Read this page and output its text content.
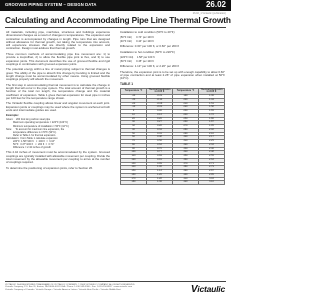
GROOVED PIPING SYSTEM – DESIGN DATA	26.02
26.02_1 Victaulic (publication)
Calculating and Accommodating Pipe Line Thermal Growth

All materials, including pipe, manholes, structures and buildings experience dimensional changes as a result of changes in temperatures. The expansion and contraction is accompanied by changes in length. Pipe runs that are designed without allowance for thermal growth, not taking the temperature into account, will experience stresses that are directly related to the expansion and contraction. Design must address that thermal growth.

Three common methods of accommodating pipe line movement are: 1) to provide a loop/offset, 2) to allow the flexible pipe joint to flex, and 3) to use expansion joints. This document describes the use of grooved flexible and rigid couplings in combination with grooved expansion joints.

The potential energy within a line of metal piping subject to thermal changes is great. The ability of the pipe to absorb this change by bending is limited and the length change must be accommodated by other means. Using grooved flexible couplings properly will absorb the movement.

The first step in accommodating thermal movement is to calculate the change in length that will occur in the pipe system. The total amount of thermal growth is a function of the total run length, the temperature change and the material coefficient of expansion. Table 1 gives thermal expansion for steel pipe in inches per 100 feet for the temperature range shown.

The Victaulic flexible coupling allows linear and angular movement at each joint. Expansion joints or couplings may be used where the system is anchored at both ends and intermediate guides are used.

Example:

Given:    200 foot long carbon steel pipe
Maximum operating temperature = 220°F (104°C)
Minimum temperature of installation = 50°F (10°C)
Note:     To account for maximum line expansion, the
temperature difference is 170°F (94°C).
Refer to Table 1 for thermal expansion.
Calculation:  From Table 1 calculate expansion
220°F: 1.58"/100 ft   ×  200 ft  =  3.16"
50°F:  0.37"/100 ft   ×  200 ft  =  0.74"
Difference = 2.42 inches of growth

This 2.42 inches of movement must be accommodated by the system. Grooved couplings are typically installed with allowable movement per coupling. Divide the total movement by the allowable movement per coupling to arrive at the number of couplings required.

To determine the positioning of expansion joints, refer to Section 26.

Installation to cold condition (50°F to 40°F)

(50°F Ckt)      0.74" per 100 ft
(40°F Ckt)      0.44" per 100 ft

Difference: 0.30" per 100 ft, or 0.60" per 200 ft

Installation to hot condition (60°F to 220°F)

(220°F Ckt)     1.58" per 100 ft
(60°F Ckt)      0.45" per 100 ft

Difference: 1.13" per 100 ft, or 2.26" per 200 ft

Therefore, the expansion joint is to be set up with enough capability to allow 0.60" of pipe contraction and at least 2.26" of pipe expansion when installed at 50°F (10°C).

TABLE 1
Temperature °F	Thermal Expansion in./100 ft	Temperature °F	Thermal Expansion in./100 ft
-40	-0.21	190	1.36
-30	-0.14	200	1.44
-20	-0.08	210	1.51
-10	-0.01	220	1.58
0	0.06	230	1.65
10	0.13	240	1.72
20	0.20	250	1.80
30	0.27	260	1.87
32	0.28	270	1.95
40	0.34	280	2.02
50	0.41	290	2.10
60	0.48	300	2.17
70	0.56	310	2.25
80	0.63	320	2.33
90	0.70	330	2.40
100	0.77	340	2.48
110	0.84	350	2.55
120	0.91	360	2.63
130	0.99	370	2.71
140	1.06	380	2.79
150	1.13	390	2.87
160	1.20	400	2.95
170	1.28	410	3.03
180	1.36	420	3.10
VICTAULIC IS A REGISTERED TRADEMARK OF VICTAULIC COMPANY. © 2008 VICTAULIC COMPANY. ALL RIGHTS RESERVED.
Victaulic Company, P.O. Box 31, Easton, PA 18044-0031 USA • Phone: 1-610-559-3300 • Fax: 1-610-250-8817 • www.victaulic.com
Victaulic Company of Canada • Victaulic Europe • Victaulic America Latina • Victaulic Asia Pacific • Victaulic Middle East	Victaulic
